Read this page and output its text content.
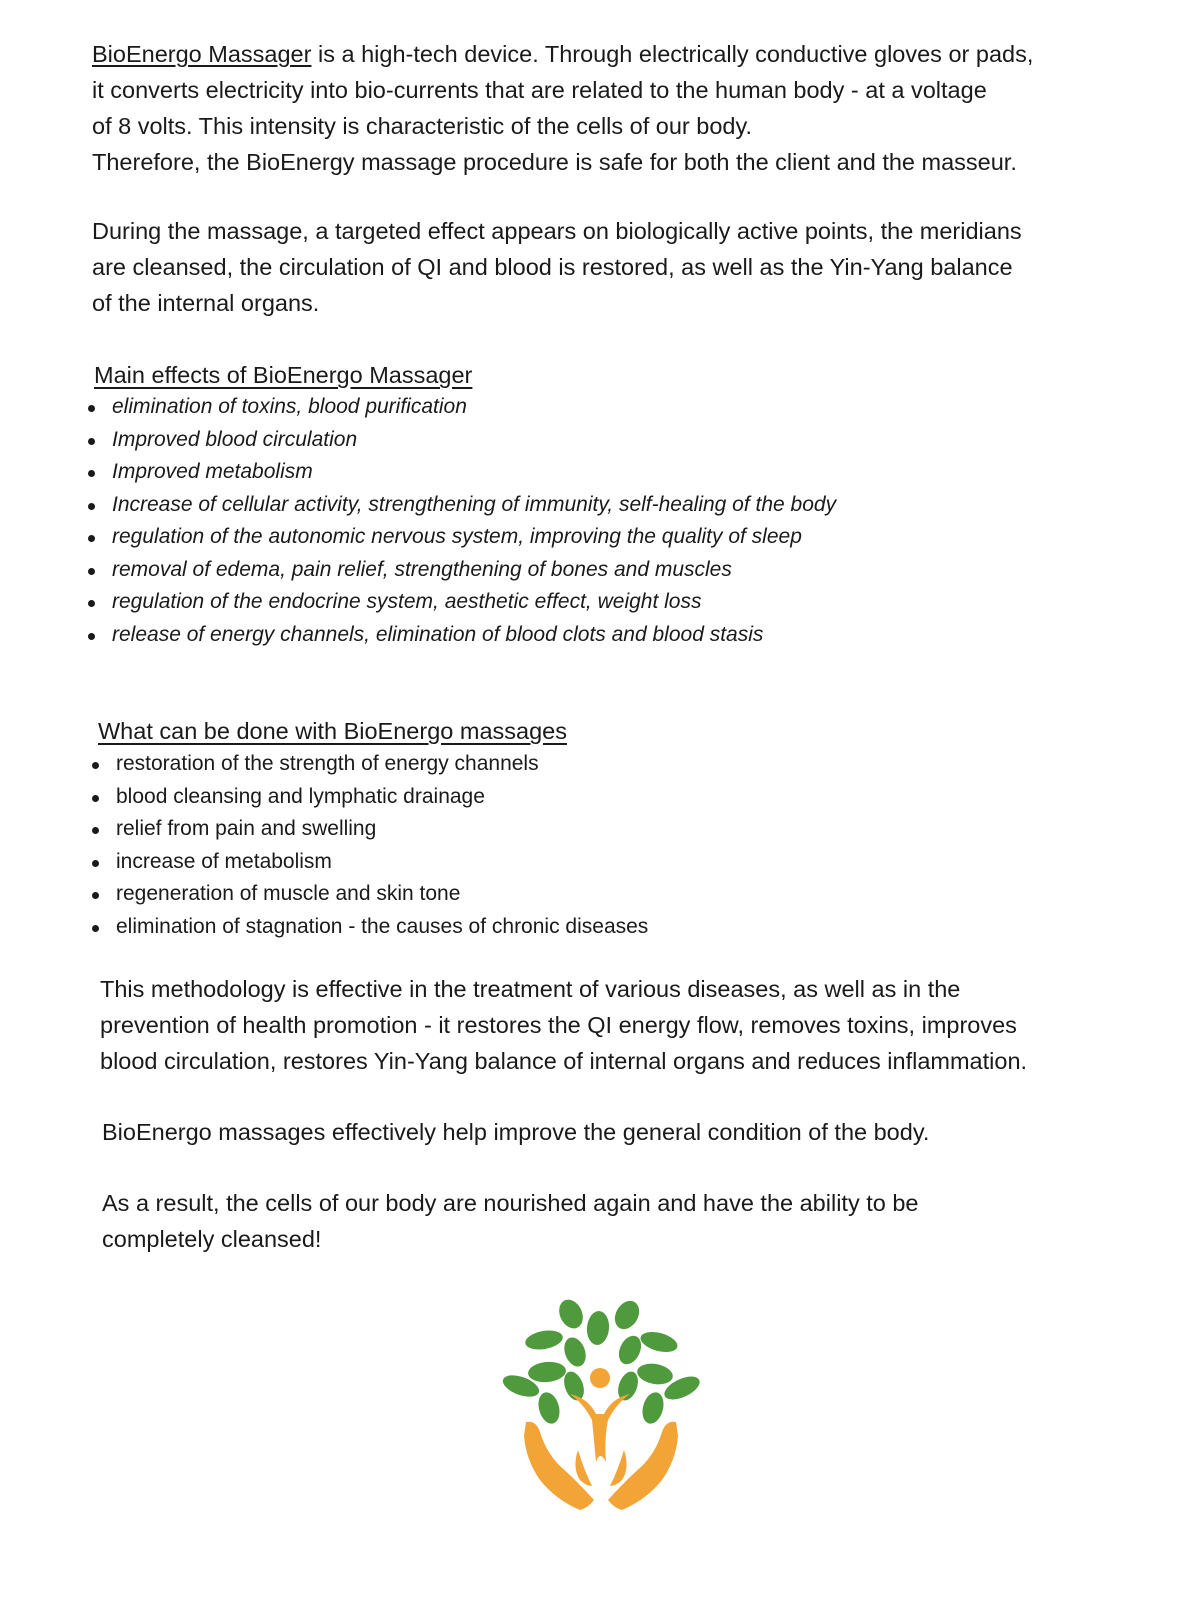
BioEnergo Massager is a high-tech device. Through electrically conductive gloves or pads,
it converts electricity into bio-currents that are related to the human body - at a voltage
of 8 volts. This intensity is characteristic of the cells of our body.
Therefore, the BioEnergy massage procedure is safe for both the client and the masseur.

During the massage, a targeted effect appears on biologically active points, the meridians
are cleansed, the circulation of QI and blood is restored, as well as the Yin-Yang balance
of the internal organs.

Main effects of BioEnergo Massager
elimination of toxins, blood purification
Improved blood circulation
Improved metabolism
Increase of cellular activity, strengthening of immunity, self-healing of the body
regulation of the autonomic nervous system, improving the quality of sleep
removal of edema, pain relief, strengthening of bones and muscles
regulation of the endocrine system, aesthetic effect, weight loss
release of energy channels, elimination of blood clots and blood stasis
What can be done with BioEnergo massages
restoration of the strength of energy channels
blood cleansing and lymphatic drainage
relief from pain and swelling
increase of metabolism
regeneration of muscle and skin tone
elimination of stagnation - the causes of chronic diseases

This methodology is effective in the treatment of various diseases, as well as in the
prevention of health promotion - it restores the QI energy flow, removes toxins, improves
blood circulation, restores Yin-Yang balance of internal organs and reduces inflammation.

BioEnergo massages effectively help improve the general condition of the body.

As a result, the cells of our body are nourished again and have the ability to be
completely cleansed!
